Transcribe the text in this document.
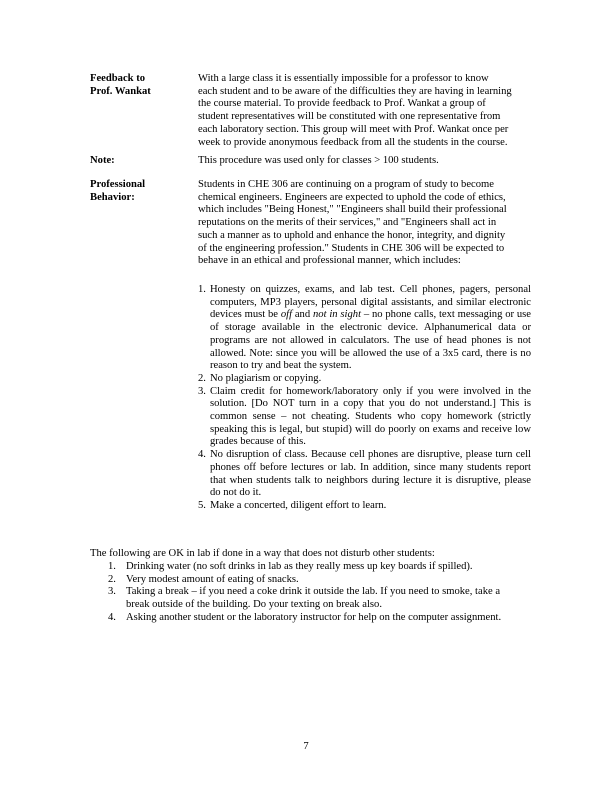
Feedback to
Prof. Wankat
With a large class it is essentially impossible for a professor to know
each student and to be aware of the difficulties they are having in learning
the course material. To provide feedback to Prof. Wankat a group of
student representatives will be constituted with one representative from
each laboratory section. This group will meet with Prof. Wankat once per
week to provide anonymous feedback from all the students in the course.
Note:	This procedure was used only for classes > 100 students.
Professional
Behavior:
Students in CHE 306 are continuing on a program of study to become
chemical engineers. Engineers are expected to uphold the code of ethics,
which includes "Being Honest," "Engineers shall build their professional
reputations on the merits of their services," and "Engineers shall act in
such a manner as to uphold and enhance the honor, integrity, and dignity
of the engineering profession." Students in CHE 306 will be expected to
behave in an ethical and professional manner, which includes:
1. Honesty on quizzes, exams, and lab test. Cell phones, pagers, personal computers, MP3 players, personal digital assistants, and similar electronic devices must be off and not in sight – no phone calls, text messaging or use of storage available in the electronic device. Alphanumerical data or programs are not allowed in calculators. The use of head phones is not allowed. Note: since you will be allowed the use of a 3x5 card, there is no reason to try and beat the system.
2. No plagiarism or copying.
3. Claim credit for homework/laboratory only if you were involved in the solution. [Do NOT turn in a copy that you do not understand.] This is common sense – not cheating. Students who copy homework (strictly speaking this is legal, but stupid) will do poorly on exams and receive low grades because of this.
4. No disruption of class. Because cell phones are disruptive, please turn cell phones off before lectures or lab. In addition, since many students report that when students talk to neighbors during lecture it is disruptive, please do not do it.
5. Make a concerted, diligent effort to learn.
The following are OK in lab if done in a way that does not disturb other students:
1. Drinking water (no soft drinks in lab as they really mess up key boards if spilled).
2. Very modest amount of eating of snacks.
3. Taking a break – if you need a coke drink it outside the lab. If you need to smoke, take a
break outside of the building. Do your texting on break also.
4. Asking another student or the laboratory instructor for help on the computer assignment.
7
